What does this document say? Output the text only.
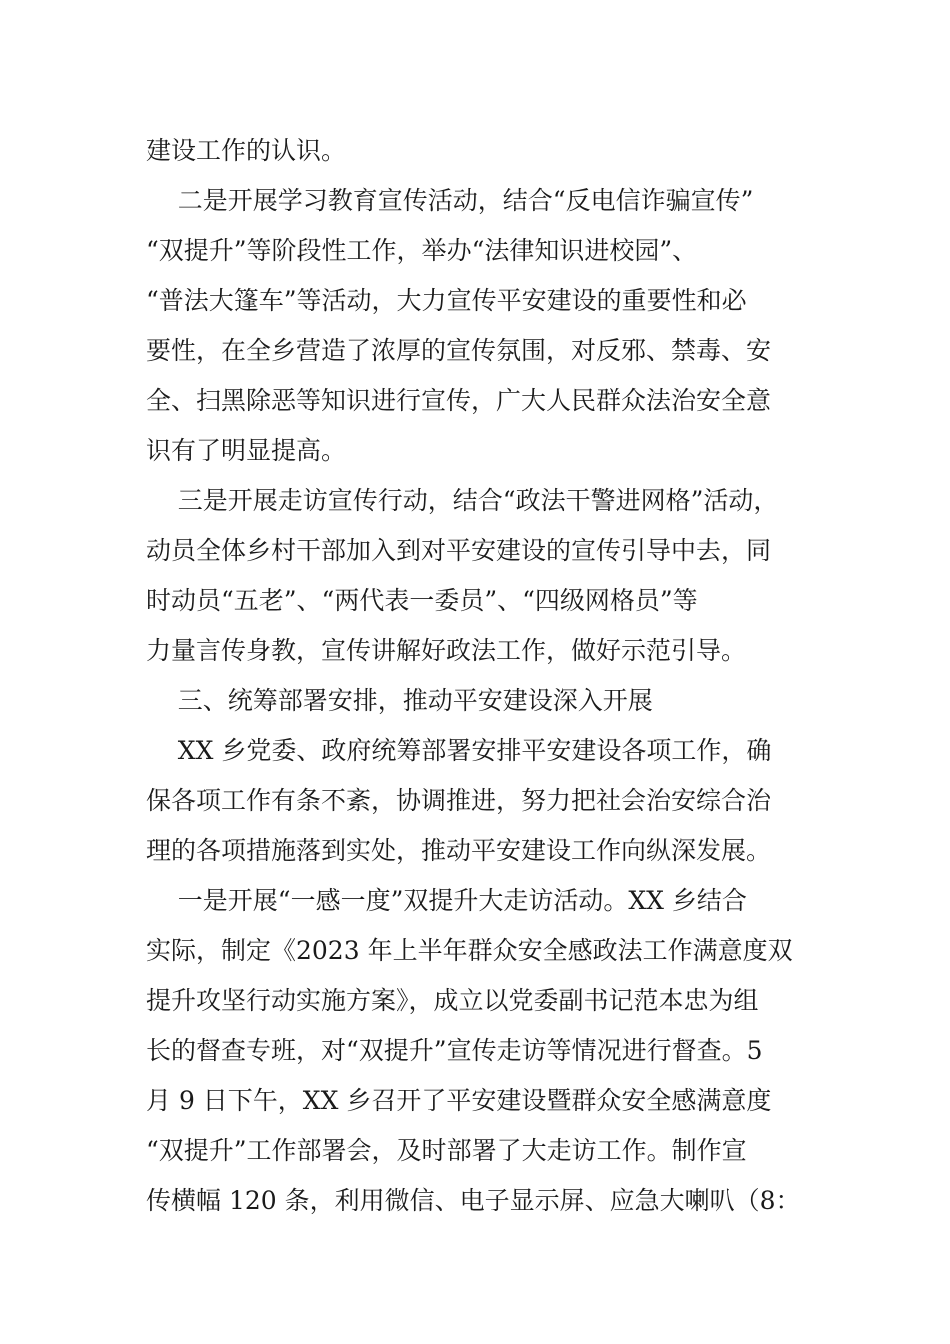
建设工作的认识。
二是开展学习教育宣传活动，结合“反电信诈骗宣传”
“双提升”等阶段性工作，举办“法律知识进校园”、
“普法大篷车”等活动，大力宣传平安建设的重要性和必
要性，在全乡营造了浓厚的宣传氛围，对反邪、禁毒、安
全、扫黑除恶等知识进行宣传，广大人民群众法治安全意
识有了明显提高。
三是开展走访宣传行动，结合“政法干警进网格”活动，
动员全体乡村干部加入到对平安建设的宣传引导中去，同
时动员“五老”、“两代表一委员”、“四级网格员”等
力量言传身教，宣传讲解好政法工作，做好示范引导。
三、统筹部署安排，推动平安建设深入开展
XX 乡党委、政府统筹部署安排平安建设各项工作，确
保各项工作有条不紊，协调推进，努力把社会治安综合治
理的各项措施落到实处，推动平安建设工作向纵深发展。
一是开展“一感一度”双提升大走访活动。XX 乡结合
实际，制定《2023 年上半年群众安全感政法工作满意度双
提升攻坚行动实施方案》，成立以党委副书记范本忠为组
长的督查专班，对“双提升”宣传走访等情况进行督查。5
月 9 日下午，XX 乡召开了平安建设暨群众安全感满意度
“双提升”工作部署会，及时部署了大走访工作。制作宣
传横幅 120 条，利用微信、电子显示屏、应急大喇叭（8：
